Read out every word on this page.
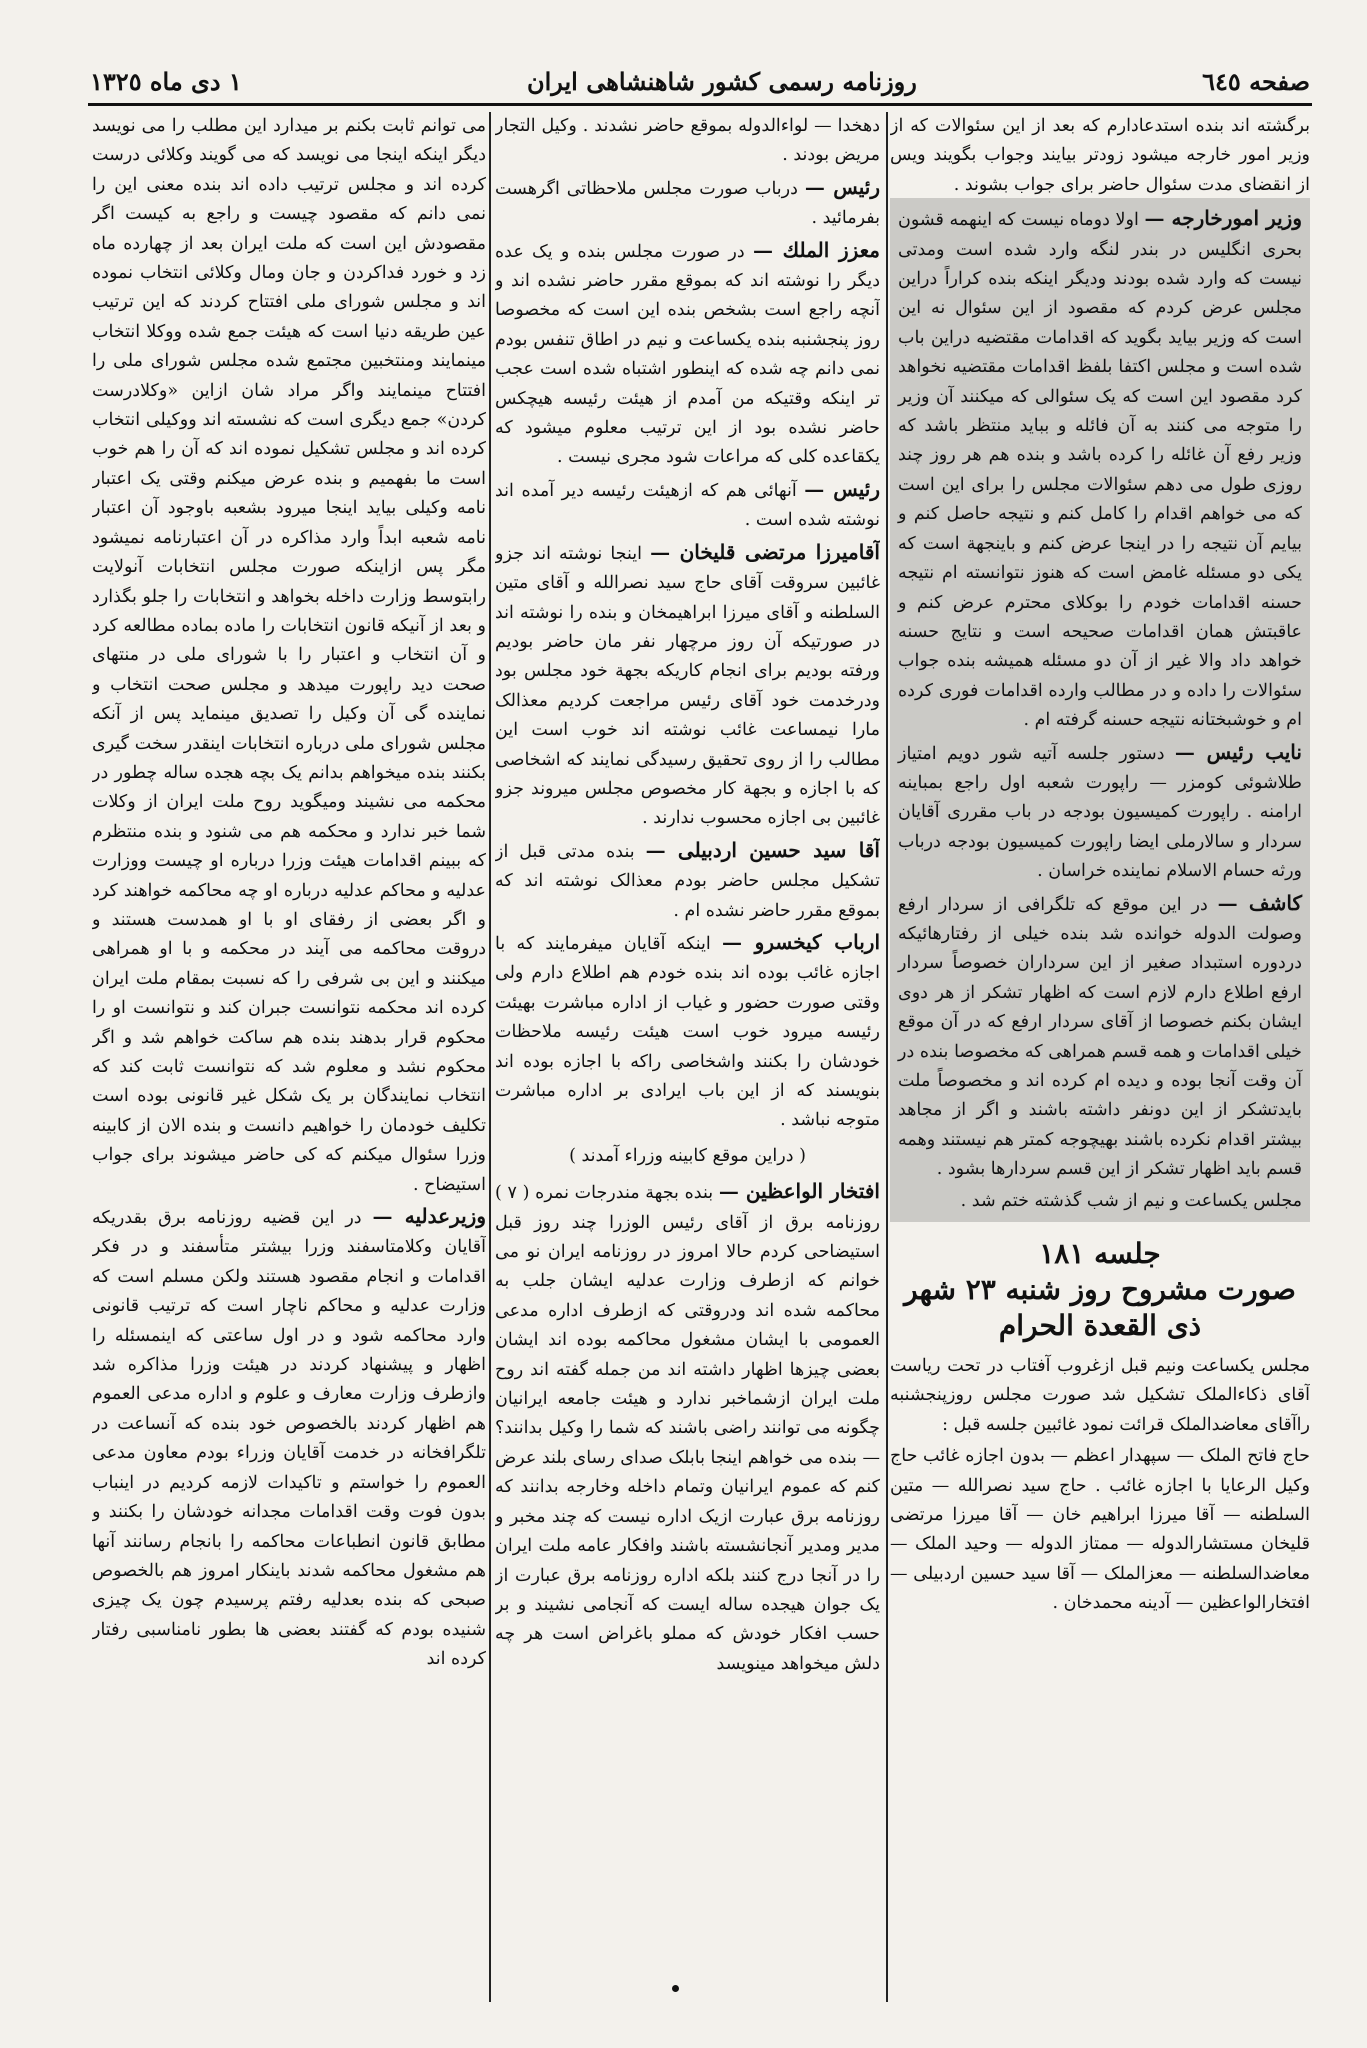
صفحه ٦٤٥
روزنامه رسمی کشور شاهنشاهی ایران
١ دی ماه ١٣٢٥

برگشته اند بنده استدعادارم که بعد از این سئوالات که از وزیر امور خارجه میشود زودتر بیایند وجواب بگویند ویس از انقضای مدت سئوال حاضر برای جواب بشوند .

وزیر امورخارجه — اولا دوماه نیست که اینهمه قشون بحری انگلیس در بندر لنگه وارد شده است ومدتی نیست که وارد شده بودند ودیگر اینکه بنده کراراً دراین مجلس عرض کردم که مقصود از این سئوال نه این است که وزیر بیاید بگوید که اقدامات مقتضیه دراین باب شده است و مجلس اکتفا بلفظ اقدامات مقتضیه نخواهد کرد مقصود این است که یک سئوالی که میکنند آن وزیر را متوجه می کنند به آن فائله و بباید منتظر باشد که وزیر رفع آن غائله را کرده باشد و بنده هم هر روز چند روزی طول می دهم سئوالات مجلس را برای این است که می خواهم اقدام را کامل کنم و نتیجه حاصل کنم و بیایم آن نتیجه را در اینجا عرض کنم و باینجهة است که یکی دو مسئله غامض است که هنوز نتوانسته ام نتیجه حسنه اقدامات خودم را بوکلای محترم عرض کنم و عاقبتش همان اقدامات صحیحه است و نتایج حسنه خواهد داد والا غیر از آن دو مسئله همیشه بنده جواب سئوالات را داده و در مطالب وارده اقدامات فوری کرده ام و خوشبختانه نتیجه حسنه گرفته ام .

نایب رئیس — دستور جلسه آتیه شور دویم امتیاز طلاشوئی کومزر — راپورت شعبه اول راجع بمباینه ارامنه . راپورت کمیسیون بودجه در باب مقرری آقایان سردار و سالارملی ایضا راپورت کمیسیون بودجه درباب ورثه حسام الاسلام نماینده خراسان .

کاشف — در این موقع که تلگرافی از سردار ارفع وصولت الدوله خوانده شد بنده خیلی از رفتارهائیکه دردوره استبداد صغیر از این سرداران خصوصاً سردار ارفع اطلاع دارم لازم است که اظهار تشکر از هر دوی ایشان بکنم خصوصا از آقای سردار ارفع که در آن موقع خیلی اقدامات و همه قسم همراهی که مخصوصا بنده در آن وقت آنجا بوده و دیده ام کرده اند و مخصوصاً ملت بایدتشکر از این دونفر داشته باشند و اگر از مجاهد بیشتر اقدام نکرده باشند بهیچوجه کمتر هم نیستند وهمه قسم باید اظهار تشکر از این قسم سردارها بشود .

مجلس یکساعت و نیم از شب گذشته ختم شد .

جلسه ١٨١
صورت مشروح روز شنبه ٢٣ شهر
ذی القعدة الحرام

مجلس یکساعت ونیم قبل ازغروب آفتاب در تحت ریاست آقای ذکاءالملک تشکیل شد صورت مجلس روزپنجشنبه راآقای معاضدالملک قرائت نمود غائبین جلسه قبل :

حاج فاتح الملک — سپهدار اعظم — بدون اجازه غائب حاج وکیل الرعایا با اجازه غائب . حاج سید نصرالله — متین السلطنه — آقا میرزا ابراهیم خان — آقا میرزا مرتضی قلیخان مستشارالدوله — ممتاز الدوله — وحید الملک — معاضدالسلطنه — معزالملک — آقا سید حسین اردبیلی — افتخارالواعظین — آدینه محمدخان .

دهخدا — لواءالدوله بموقع حاضر نشدند . وکیل التجار مریض بودند .

رئیس — درباب صورت مجلس ملاحظاتی اگرهست بفرمائید .

معزز الملك — در صورت مجلس بنده و یک عده دیگر را نوشته اند که بموقع مقرر حاضر نشده اند و آنچه راجع است بشخص بنده این است که مخصوصا روز پنجشنبه بنده یکساعت و نیم در اطاق تنفس بودم نمی دانم چه شده که اینطور اشتباه شده است عجب تر اینکه وقتیکه من آمدم از هیئت رئیسه هیچکس حاضر نشده بود از این ترتیب معلوم میشود که یکقاعده کلی که مراعات شود مجری نیست .

رئیس — آنهائی هم که ازهیئت رئیسه دیر آمده اند نوشته شده است .

آقامیرزا مرتضی قلیخان — اینجا نوشته اند جزو غائبین سروقت آقای حاج سید نصرالله و آقای متین السلطنه و آقای میرزا ابراهیمخان و بنده را نوشته اند در صورتیکه آن روز مرچهار نفر مان حاضر بودیم ورفته بودیم برای انجام کاریکه بجهة خود مجلس بود ودرخدمت خود آقای رئیس مراجعت کردیم معذالک مارا نیمساعت غائب نوشته اند خوب است این مطالب را از روی تحقیق رسیدگی نمایند که اشخاصی که با اجازه و بجهة کار مخصوص مجلس میروند جزو غائبین بی اجازه محسوب ندارند .

آقا سید حسین اردبیلی — بنده مدتی قبل از تشکیل مجلس حاضر بودم معذالک نوشته اند که بموقع مقرر حاضر نشده ام .

ارباب کیخسرو — اینکه آقایان میفرمایند که با اجازه غائب بوده اند بنده خودم هم اطلاع دارم ولی وقتی صورت حضور و غیاب از اداره مباشرت بهیئت رئیسه میرود خوب است هیئت رئیسه ملاحظات خودشان را بکنند واشخاصی راکه با اجازه بوده اند بنویسند که از این باب ایرادی بر اداره مباشرت متوجه نباشد .

( دراین موقع کابینه وزراء آمدند )

افتخار الواعظین — بنده بجهة مندرجات نمره ( ٧ ) روزنامه برق از آقای رئیس الوزرا چند روز قبل استیضاحی کردم حالا امروز در روزنامه ایران نو می خوانم که ازطرف وزارت عدلیه ایشان جلب به محاکمه شده اند ودروقتی که ازطرف اداره مدعی العمومی با ایشان مشغول محاکمه بوده اند ایشان بعضی چیزها اظهار داشته اند من جمله گفته اند روح ملت ایران ازشماخبر ندارد و هیئت جامعه ایرانیان چگونه می توانند راضی باشند که شما را وکیل بدانند؟ — بنده می خواهم اینجا بابلک صدای رسای بلند عرض کنم که عموم ایرانیان وتمام داخله وخارجه بدانند که روزنامه برق عبارت ازیک اداره نیست که چند مخبر و مدیر ومدیر آنجانشسته باشند وافکار عامه ملت ایران را در آنجا درج کنند بلکه اداره روزنامه برق عبارت از یک جوان هیجده ساله ایست که آنجامی نشیند و بر حسب افکار خودش که مملو باغراض است هر چه دلش میخواهد مینویسد

می توانم ثابت بکنم بر میدارد این مطلب را می نویسد دیگر اینکه اینجا می نویسد که می گویند وکلائی درست کرده اند و مجلس ترتیب داده اند بنده معنی این را نمی دانم که مقصود چیست و راجع به کیست اگر مقصودش این است که ملت ایران بعد از چهارده ماه زد و خورد فداکردن و جان ومال وکلائی انتخاب نموده اند و مجلس شورای ملی افتتاح کردند که این ترتیب عین طریقه دنیا است که هیئت جمع شده ووکلا انتخاب مینمایند ومنتخبین مجتمع شده مجلس شورای ملی را افتتاح مینمایند واگر مراد شان ازاین «وکلادرست کردن» جمع دیگری است که نشسته اند ووکیلی انتخاب کرده اند و مجلس تشکیل نموده اند که آن را هم خوب است ما بفهمیم و بنده عرض میکنم وقتی یک اعتبار نامه وکیلی بیاید اینجا میرود بشعبه باوجود آن اعتبار نامه شعبه ابداً وارد مذاکره در آن اعتبارنامه نمیشود مگر پس ازاینکه صورت مجلس انتخابات آنولایت رابتوسط وزارت داخله بخواهد و انتخابات را جلو بگذارد و بعد از آنیکه قانون انتخابات را ماده بماده مطالعه کرد و آن انتخاب و اعتبار را با شورای ملی در منتهای صحت دید راپورت میدهد و مجلس صحت انتخاب و نماینده گی آن وکیل را تصدیق مینماید پس از آنکه مجلس شورای ملی درباره انتخابات اینقدر سخت گیری بکنند بنده میخواهم بدانم یک بچه هجده ساله چطور در محکمه می نشیند ومیگوید روح ملت ایران از وکلات شما خبر ندارد و محکمه هم می شنود و بنده منتظرم که ببینم اقدامات هیئت وزرا درباره او چیست ووزارت عدلیه و محاکم عدلیه درباره او چه محاکمه خواهند کرد و اگر بعضی از رفقای او با او همدست هستند و دروقت محاکمه می آیند در محکمه و با او همراهی میکنند و این بی شرفی را که نسبت بمقام ملت ایران کرده اند محکمه نتوانست جبران کند و نتوانست او را محکوم قرار بدهند بنده هم ساکت خواهم شد و اگر محکوم نشد و معلوم شد که نتوانست ثابت کند که انتخاب نمایندگان بر یک شکل غیر قانونی بوده است تکلیف خودمان را خواهیم دانست و بنده الان از کابینه وزرا سئوال میکنم که کی حاضر میشوند برای جواب استیضاح .

وزیرعدلیه — در این قضیه روزنامه برق بقدریکه آقایان وکلامتاسفند وزرا بیشتر متأسفند و در فکر اقدامات و انجام مقصود هستند ولکن مسلم است که وزارت عدلیه و محاکم ناچار است که ترتیب قانونی وارد محاکمه شود و در اول ساعتی که اینمسئله را اظهار و پیشنهاد کردند در هیئت وزرا مذاکره شد وازطرف وزارت معارف و علوم و اداره مدعی العموم هم اظهار کردند بالخصوص خود بنده که آنساعت در تلگرافخانه در خدمت آقایان وزراء بودم معاون مدعی العموم را خواستم و تاکیدات لازمه کردیم در اینباب بدون فوت وقت اقدامات مجدانه خودشان را بکنند و مطابق قانون انطباعات محاکمه را بانجام رسانند آنها هم مشغول محاکمه شدند باینکار امروز هم بالخصوص صبحی که بنده بعدلیه رفتم پرسیدم چون یک چیزی شنیده بودم که گفتند بعضی ها بطور نامناسبی رفتار کرده اند
